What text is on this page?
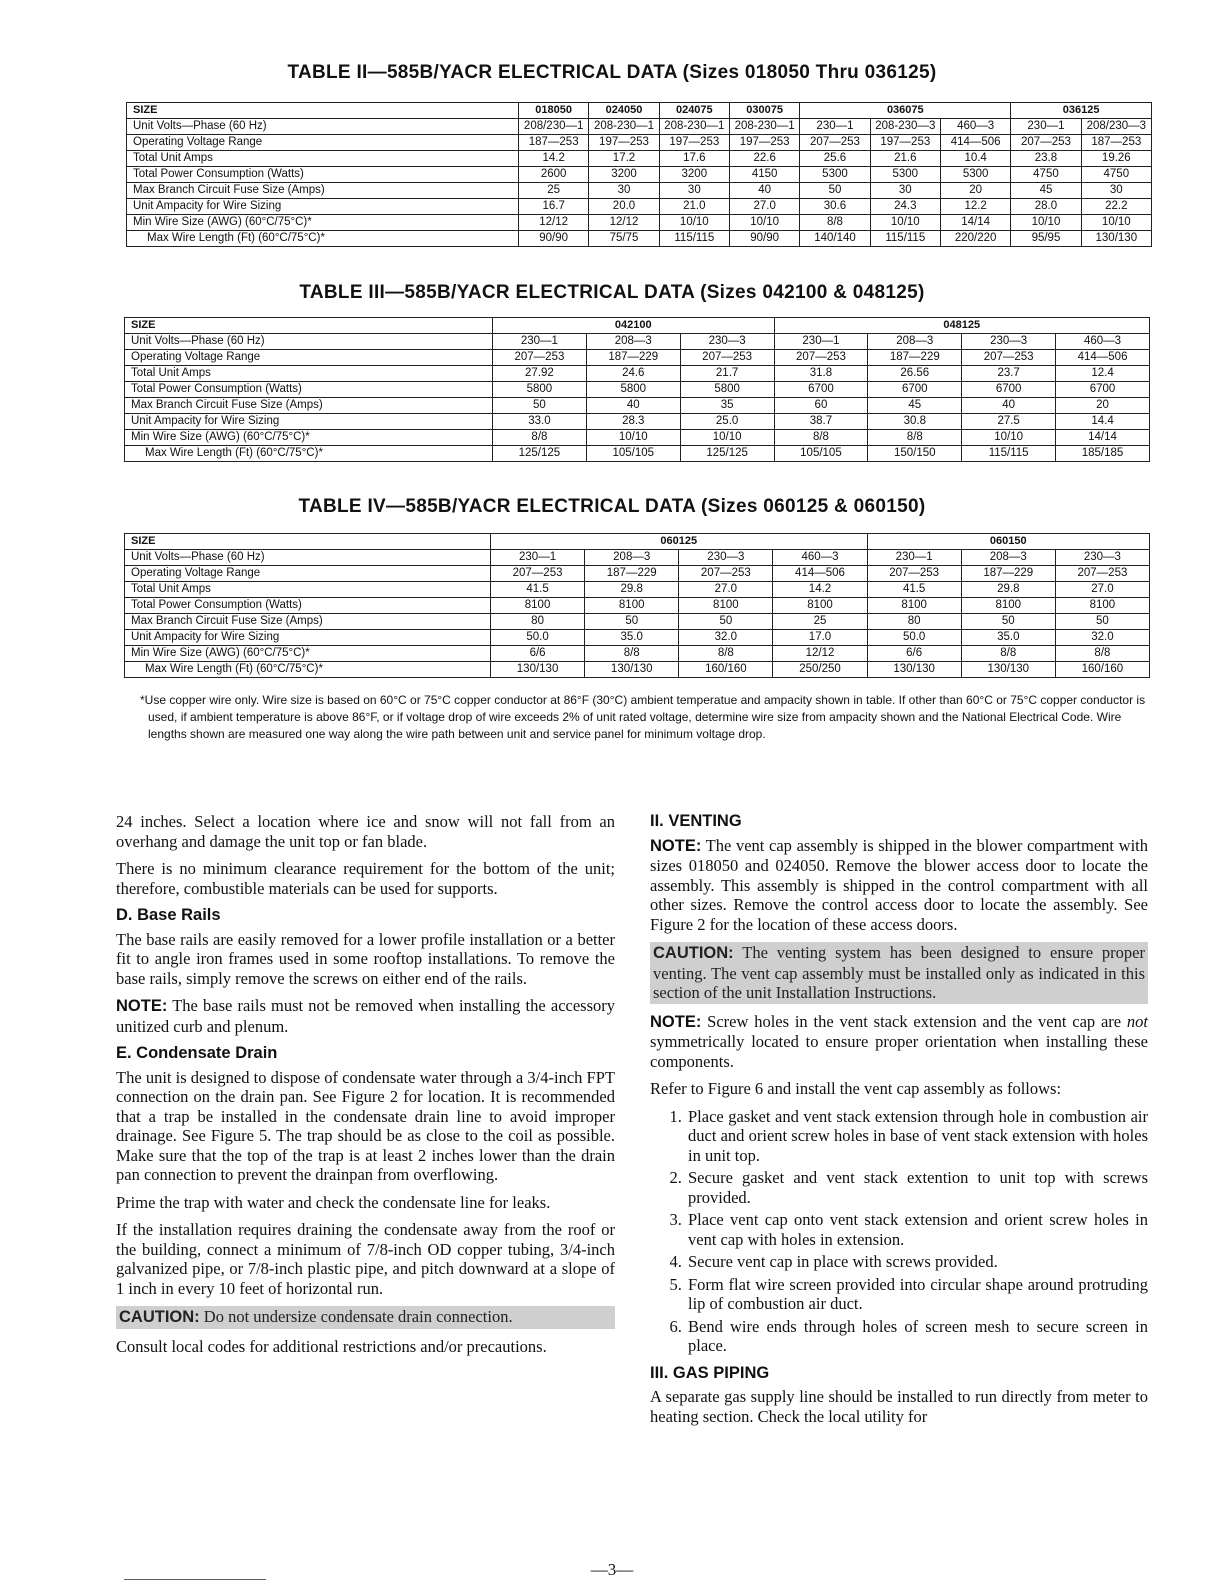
TABLE II—585B/YACR ELECTRICAL DATA (Sizes 018050 Thru 036125)
SIZE	018050	024050	024075	030075	036075			036125	
Unit Volts—Phase (60 Hz)	208/230—1	208-230—1	208-230—1	208-230—1	230—1	208-230—3	460—3	230—1	208/230—3
Operating Voltage Range	187—253	197—253	197—253	197—253	207—253	197—253	414—506	207—253	187—253
Total Unit Amps	14.2	17.2	17.6	22.6	25.6	21.6	10.4	23.8	19.26
Total Power Consumption (Watts)	2600	3200	3200	4150	5300	5300	5300	4750	4750
Max Branch Circuit Fuse Size (Amps)	25	30	30	40	50	30	20	45	30
Unit Ampacity for Wire Sizing	16.7	20.0	21.0	27.0	30.6	24.3	12.2	28.0	22.2
Min Wire Size (AWG) (60°C/75°C)*	12/12	12/12	10/10	10/10	8/8	10/10	14/14	10/10	10/10
Max Wire Length (Ft) (60°C/75°C)*	90/90	75/75	115/115	90/90	140/140	115/115	220/220	95/95	130/130
TABLE III—585B/YACR ELECTRICAL DATA (Sizes 042100 & 048125)
SIZE	042100			048125			
Unit Volts—Phase (60 Hz)	230—1	208—3	230—3	230—1	208—3	230—3	460—3
Operating Voltage Range	207—253	187—229	207—253	207—253	187—229	207—253	414—506
Total Unit Amps	27.92	24.6	21.7	31.8	26.56	23.7	12.4
Total Power Consumption (Watts)	5800	5800	5800	6700	6700	6700	6700
Max Branch Circuit Fuse Size (Amps)	50	40	35	60	45	40	20
Unit Ampacity for Wire Sizing	33.0	28.3	25.0	38.7	30.8	27.5	14.4
Min Wire Size (AWG) (60°C/75°C)*	8/8	10/10	10/10	8/8	8/8	10/10	14/14
Max Wire Length (Ft) (60°C/75°C)*	125/125	105/105	125/125	105/105	150/150	115/115	185/185
TABLE IV—585B/YACR ELECTRICAL DATA (Sizes 060125 & 060150)
SIZE	060125				060150		
Unit Volts—Phase (60 Hz)	230—1	208—3	230—3	460—3	230—1	208—3	230—3
Operating Voltage Range	207—253	187—229	207—253	414—506	207—253	187—229	207—253
Total Unit Amps	41.5	29.8	27.0	14.2	41.5	29.8	27.0
Total Power Consumption (Watts)	8100	8100	8100	8100	8100	8100	8100
Max Branch Circuit Fuse Size (Amps)	80	50	50	25	80	50	50
Unit Ampacity for Wire Sizing	50.0	35.0	32.0	17.0	50.0	35.0	32.0
Min Wire Size (AWG) (60°C/75°C)*	6/6	8/8	8/8	12/12	6/6	8/8	8/8
Max Wire Length (Ft) (60°C/75°C)*	130/130	130/130	160/160	250/250	130/130	130/130	160/160

*Use copper wire only. Wire size is based on 60°C or 75°C copper conductor at 86°F (30°C) ambient temperatue and ampacity shown in table. If other than 60°C or 75°C copper conductor is used, if ambient temperature is above 86°F, or if voltage drop of wire exceeds 2% of unit rated voltage, determine wire size from ampacity shown and the National Electrical Code. Wire lengths shown are measured one way along the wire path between unit and service panel for minimum voltage drop.

24 inches. Select a location where ice and snow will not fall from an overhang and damage the unit top or fan blade.

There is no minimum clearance requirement for the bottom of the unit; therefore, combustible materials can be used for supports.

D. Base Rails

The base rails are easily removed for a lower profile installation or a better fit to angle iron frames used in some rooftop installations. To remove the base rails, simply remove the screws on either end of the rails.

NOTE: The base rails must not be removed when installing the accessory unitized curb and plenum.

E. Condensate Drain

The unit is designed to dispose of condensate water through a 3/4-inch FPT connection on the drain pan. See Figure 2 for location. It is recommended that a trap be installed in the condensate drain line to avoid improper drainage. See Figure 5. The trap should be as close to the coil as possible. Make sure that the top of the trap is at least 2 inches lower than the drain pan connection to prevent the drainpan from overflowing.

Prime the trap with water and check the condensate line for leaks.

If the installation requires draining the condensate away from the roof or the building, connect a minimum of 7/8-inch OD copper tubing, 3/4-inch galvanized pipe, or 7/8-inch plastic pipe, and pitch downward at a slope of 1 inch in every 10 feet of horizontal run.

CAUTION: Do not undersize condensate drain connection.

Consult local codes for additional restrictions and/or precautions.

II. VENTING

NOTE: The vent cap assembly is shipped in the blower compartment with sizes 018050 and 024050. Remove the blower access door to locate the assembly. This assembly is shipped in the control compartment with all other sizes. Remove the control access door to locate the assembly. See Figure 2 for the location of these access doors.

CAUTION: The venting system has been designed to ensure proper venting. The vent cap assembly must be installed only as indicated in this section of the unit Installation Instructions.

NOTE: Screw holes in the vent stack extension and the vent cap are not symmetrically located to ensure proper orientation when installing these components.

Refer to Figure 6 and install the vent cap assembly as follows:

1. Place gasket and vent stack extension through hole in combustion air duct and orient screw holes in base of vent stack extension with holes in unit top.
2. Secure gasket and vent stack extention to unit top with screws provided.
3. Place vent cap onto vent stack extension and orient screw holes in vent cap with holes in extension.
4. Secure vent cap in place with screws provided.
5. Form flat wire screen provided into circular shape around protruding lip of combustion air duct.
6. Bend wire ends through holes of screen mesh to secure screen in place.
III. GAS PIPING

A separate gas supply line should be installed to run directly from meter to heating section. Check the local utility for

—3—
